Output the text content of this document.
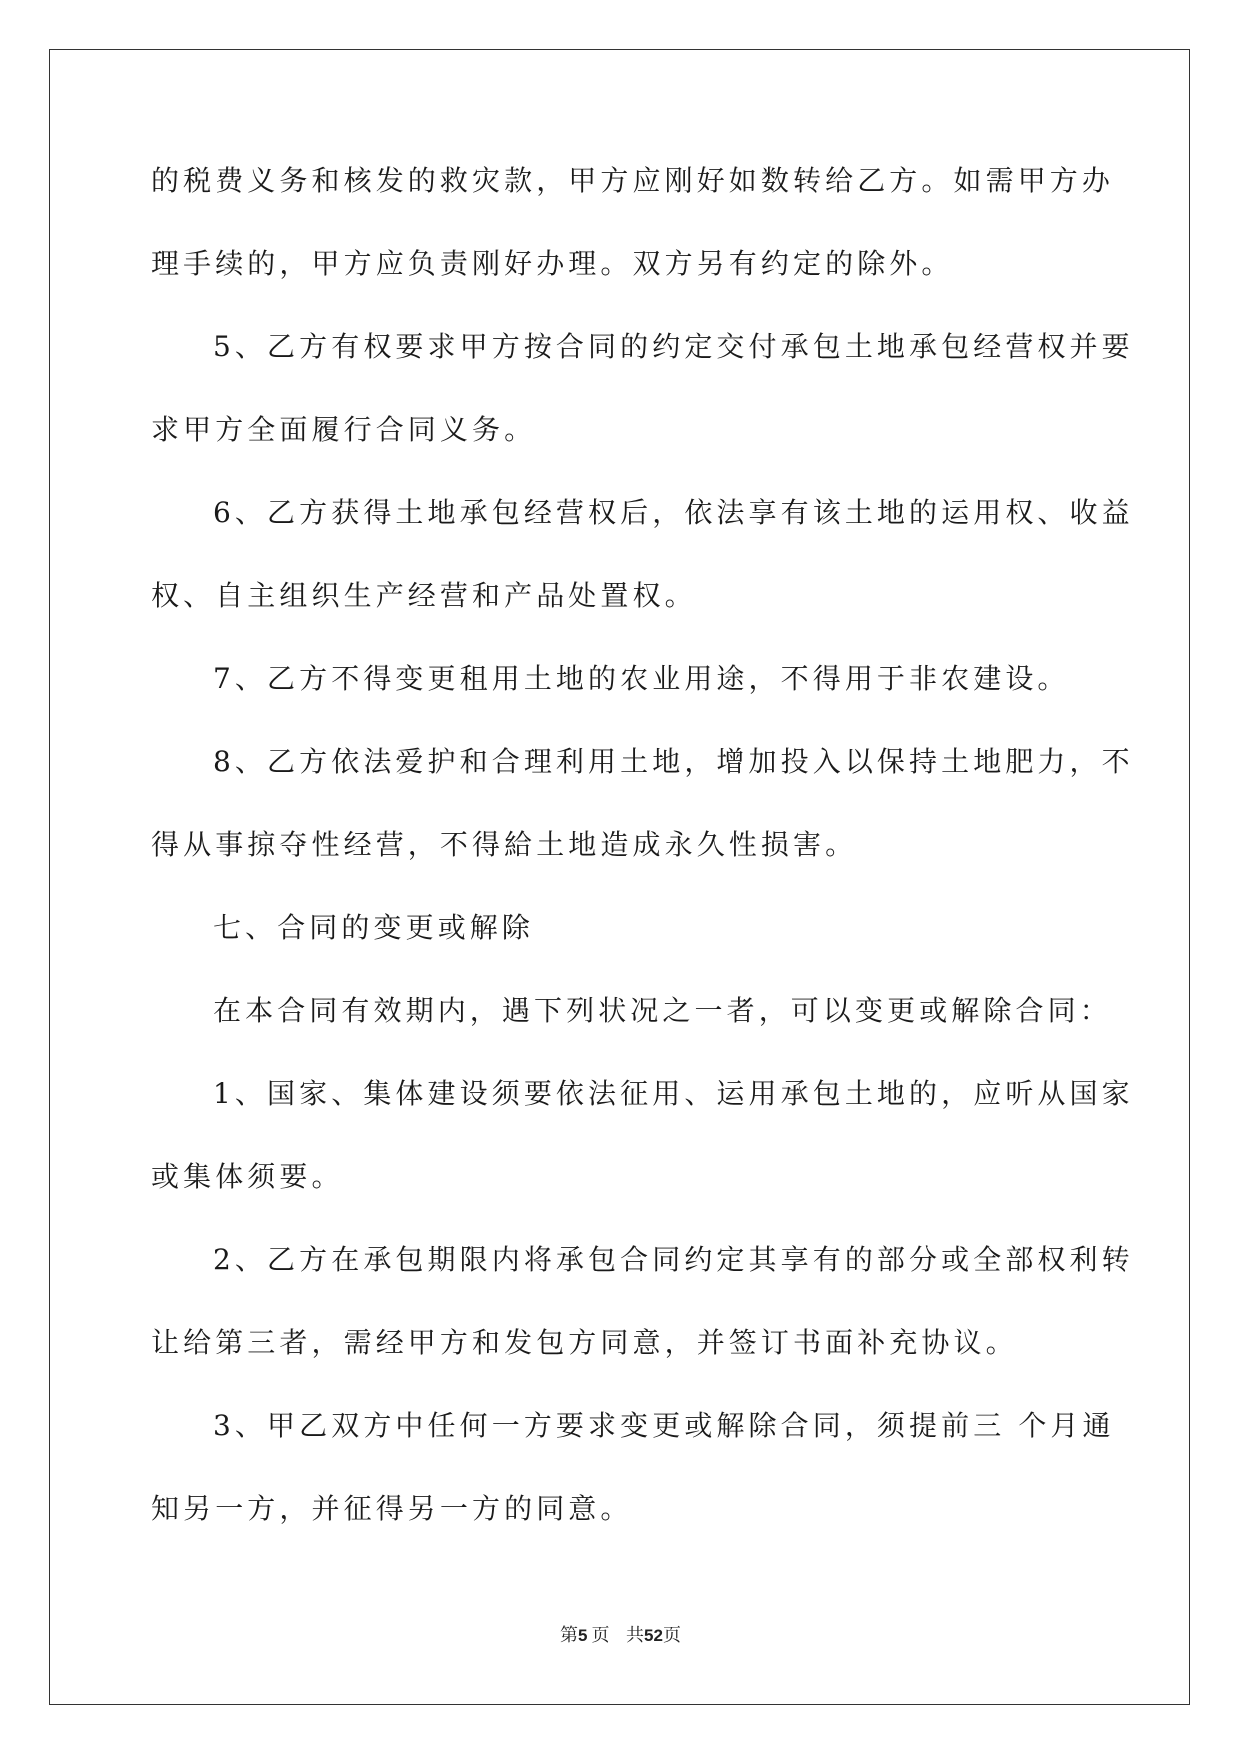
的税费义务和核发的救灾款，甲方应刚好如数转给乙方。如需甲方办

理手续的，甲方应负责刚好办理。双方另有约定的除外。

5、乙方有权要求甲方按合同的约定交付承包土地承包经营权并要

求甲方全面履行合同义务。

6、乙方获得土地承包经营权后，依法享有该土地的运用权、收益

权、自主组织生产经营和产品处置权。

7、乙方不得变更租用土地的农业用途，不得用于非农建设。

8、乙方依法爱护和合理利用土地，增加投入以保持土地肥力，不

得从事掠夺性经营，不得給土地造成永久性损害。

七、合同的变更或解除

在本合同有效期内，遇下列状况之一者，可以变更或解除合同：

1、国家、集体建设须要依法征用、运用承包土地的，应听从国家

或集体须要。

2、乙方在承包期限内将承包合同约定其享有的部分或全部权利转

让给第三者，需经甲方和发包方同意，并签订书面补充协议。

3、甲乙双方中任何一方要求变更或解除合同，须提前三 个月通

知另一方，并征得另一方的同意。

第5 页 共52页
